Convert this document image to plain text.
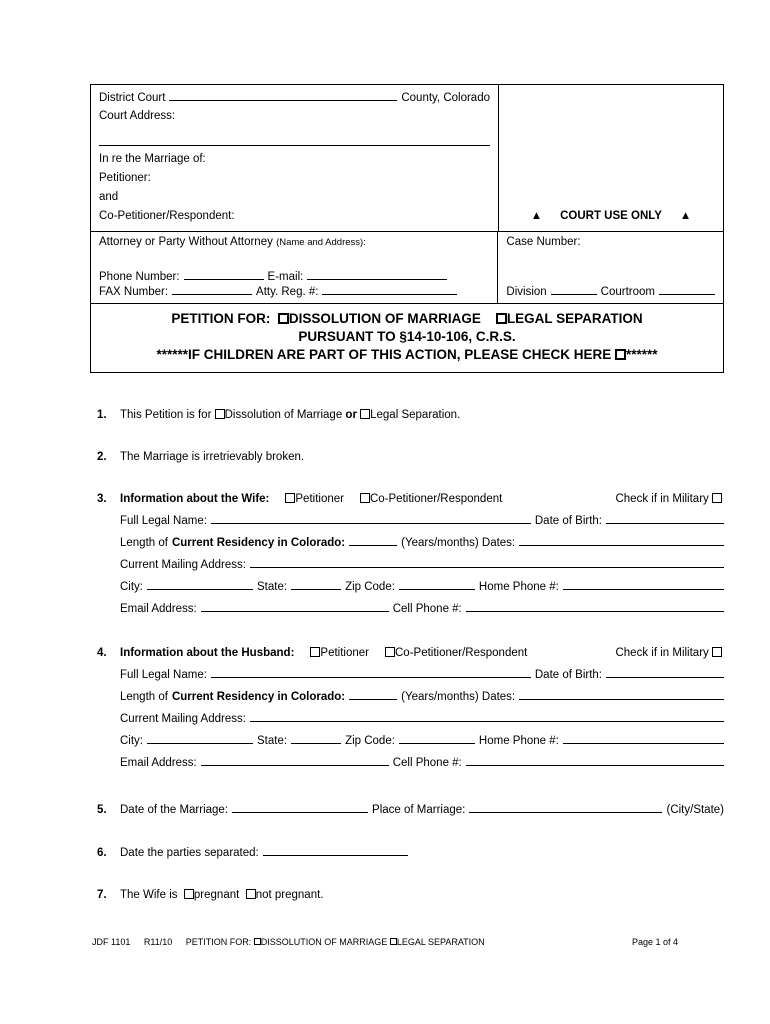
District Court	County, Colorado
Court Address:
In re the Marriage of:
Petitioner:
and
Co-Petitioner/Respondent:	▲ COURT USE ONLY ▲
Attorney or Party Without Attorney (Name and Address):
Phone Number:	E-mail:
FAX Number:	Atty. Reg. #:
Case Number:
Division	Courtroom
PETITION FOR: DISSOLUTION OF MARRIAGE LEGAL SEPARATION
PURSUANT TO §14-10-106, C.R.S.
******IF CHILDREN ARE PART OF THIS ACTION, PLEASE CHECK HERE ******
1.	This Petition is for Dissolution of Marriage or Legal Separation.
2.	The Marriage is irretrievably broken.
3.	Information about the Wife:	Petitioner	Co-Petitioner/Respondent	Check if in Military
Full Legal Name:	Date of Birth:
Length of Current Residency in Colorado:	(Years/months) Dates:
Current Mailing Address:
City:	State:	Zip Code:	Home Phone #:
Email Address:	Cell Phone #:
4.	Information about the Husband:	Petitioner	Co-Petitioner/Respondent	Check if in Military
Full Legal Name:	Date of Birth:
Length of Current Residency in Colorado:	(Years/months) Dates:
Current Mailing Address:
City:	State:	Zip Code:	Home Phone #:
Email Address:	Cell Phone #:
5.	Date of the Marriage:	Place of Marriage:	(City/State)
6.	Date the parties separated:
7.	The Wife is pregnant not pregnant.
JDF 1101 R11/10 PETITION FOR: DISSOLUTION OF MARRIAGE LEGAL SEPARATION	Page 1 of 4
